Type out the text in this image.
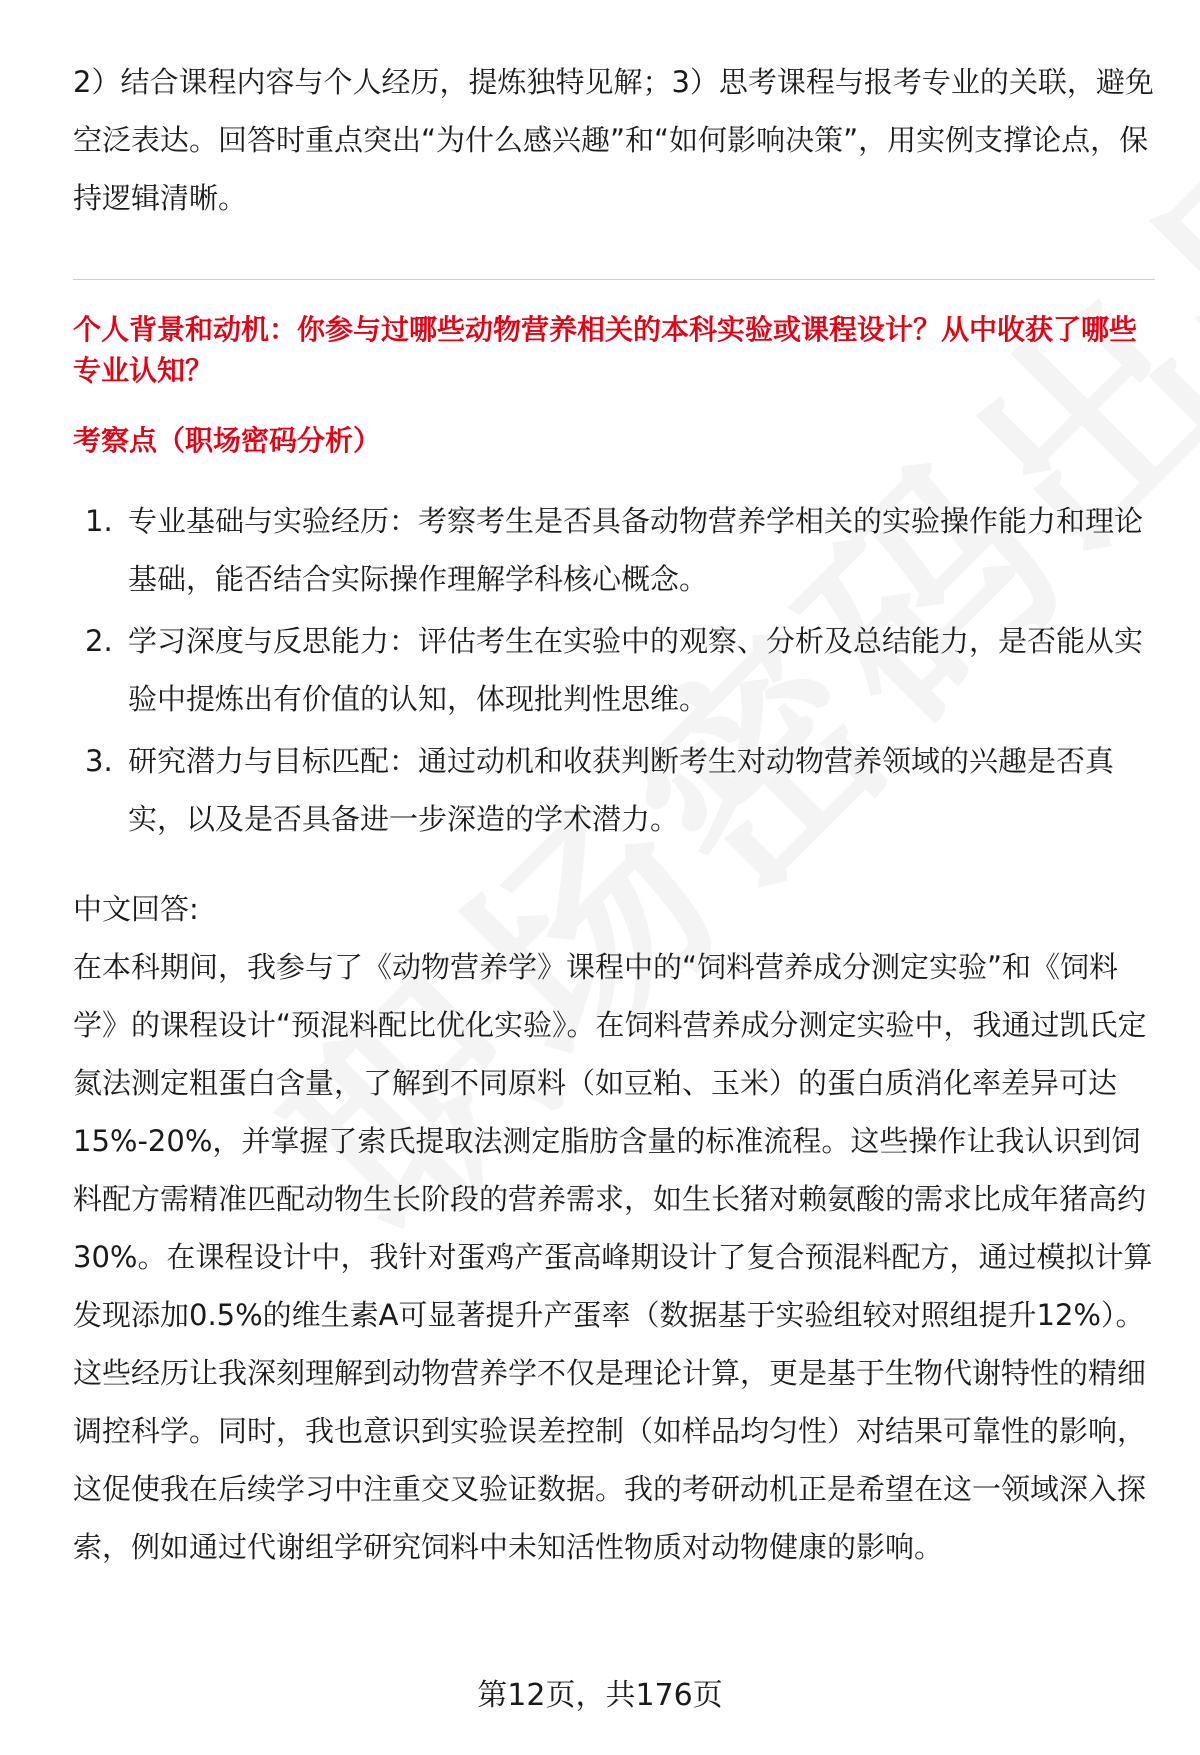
2）结合课程内容与个人经历，提炼独特见解；3）思考课程与报考专业的关联，避免空泛表达。回答时重点突出“为什么感兴趣”和“如何影响决策”，用实例支撑论点，保持逻辑清晰。

个人背景和动机：你参与过哪些动物营养相关的本科实验或课程设计？从中收获了哪些专业认知？

考察点（职场密码分析）

1. 专业基础与实验经历：考察考生是否具备动物营养学相关的实验操作能力和理论基础，能否结合实际操作理解学科核心概念。
2. 学习深度与反思能力：评估考生在实验中的观察、分析及总结能力，是否能从实验中提炼出有价值的认知，体现批判性思维。
3. 研究潜力与目标匹配：通过动机和收获判断考生对动物营养领域的兴趣是否真实，以及是否具备进一步深造的学术潜力。

中文回答:

在本科期间，我参与了《动物营养学》课程中的“饲料营养成分测定实验”和《饲料学》的课程设计“预混料配比优化实验》。在饲料营养成分测定实验中，我通过凯氏定氮法测定粗蛋白含量，了解到不同原料（如豆粕、玉米）的蛋白质消化率差异可达15%-20%，并掌握了索氏提取法测定脂肪含量的标准流程。这些操作让我认识到饲料配方需精准匹配动物生长阶段的营养需求，如生长猪对赖氨酸的需求比成年猪高约30%。在课程设计中，我针对蛋鸡产蛋高峰期设计了复合预混料配方，通过模拟计算发现添加0.5%的维生素A可显著提升产蛋率（数据基于实验组较对照组提升12%）。这些经历让我深刻理解到动物营养学不仅是理论计算，更是基于生物代谢特性的精细调控科学。同时，我也意识到实验误差控制（如样品均匀性）对结果可靠性的影响，这促使我在后续学习中注重交叉验证数据。我的考研动机正是希望在这一领域深入探索，例如通过代谢组学研究饲料中未知活性物质对动物健康的影响。

第12页，共176页
